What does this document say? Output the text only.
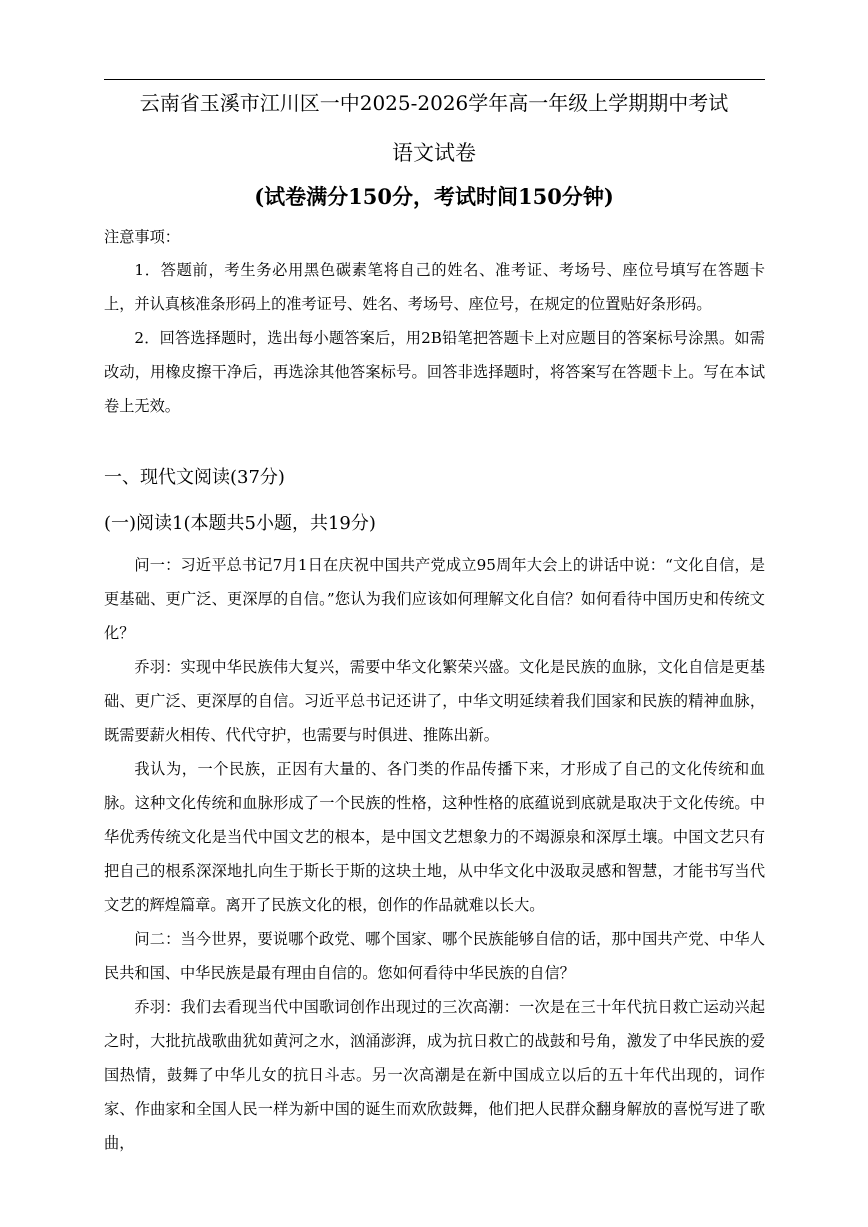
云南省玉溪市江川区一中2025-2026学年高一年级上学期期中考试
语文试卷
(试卷满分150分，考试时间150分钟)
注意事项：

1．答题前，考生务必用黑色碳素笔将自己的姓名、准考证、考场号、座位号填写在答题卡上，并认真核准条形码上的准考证号、姓名、考场号、座位号，在规定的位置贴好条形码。

2．回答选择题时，选出每小题答案后，用2B铅笔把答题卡上对应题目的答案标号涂黑。如需改动，用橡皮擦干净后，再选涂其他答案标号。回答非选择题时，将答案写在答题卡上。写在本试卷上无效。

一、现代文阅读(37分)
(一)阅读1(本题共5小题，共19分)

问一：习近平总书记7月1日在庆祝中国共产党成立95周年大会上的讲话中说：“文化自信，是更基础、更广泛、更深厚的自信。”您认为我们应该如何理解文化自信？如何看待中国历史和传统文化？

乔羽：实现中华民族伟大复兴，需要中华文化繁荣兴盛。文化是民族的血脉，文化自信是更基础、更广泛、更深厚的自信。习近平总书记还讲了，中华文明延续着我们国家和民族的精神血脉，既需要薪火相传、代代守护，也需要与时俱进、推陈出新。

我认为，一个民族，正因有大量的、各门类的作品传播下来，才形成了自己的文化传统和血脉。这种文化传统和血脉形成了一个民族的性格，这种性格的底蕴说到底就是取决于文化传统。中华优秀传统文化是当代中国文艺的根本，是中国文艺想象力的不竭源泉和深厚土壤。中国文艺只有把自己的根系深深地扎向生于斯长于斯的这块土地，从中华文化中汲取灵感和智慧，才能书写当代文艺的辉煌篇章。离开了民族文化的根，创作的作品就难以长大。

问二：当今世界，要说哪个政党、哪个国家、哪个民族能够自信的话，那中国共产党、中华人民共和国、中华民族是最有理由自信的。您如何看待中华民族的自信？

乔羽：我们去看现当代中国歌词创作出现过的三次高潮：一次是在三十年代抗日救亡运动兴起之时，大批抗战歌曲犹如黄河之水，汹涌澎湃，成为抗日救亡的战鼓和号角，激发了中华民族的爱国热情，鼓舞了中华儿女的抗日斗志。另一次高潮是在新中国成立以后的五十年代出现的，词作家、作曲家和全国人民一样为新中国的诞生而欢欣鼓舞，他们把人民群众翻身解放的喜悦写进了歌曲，
